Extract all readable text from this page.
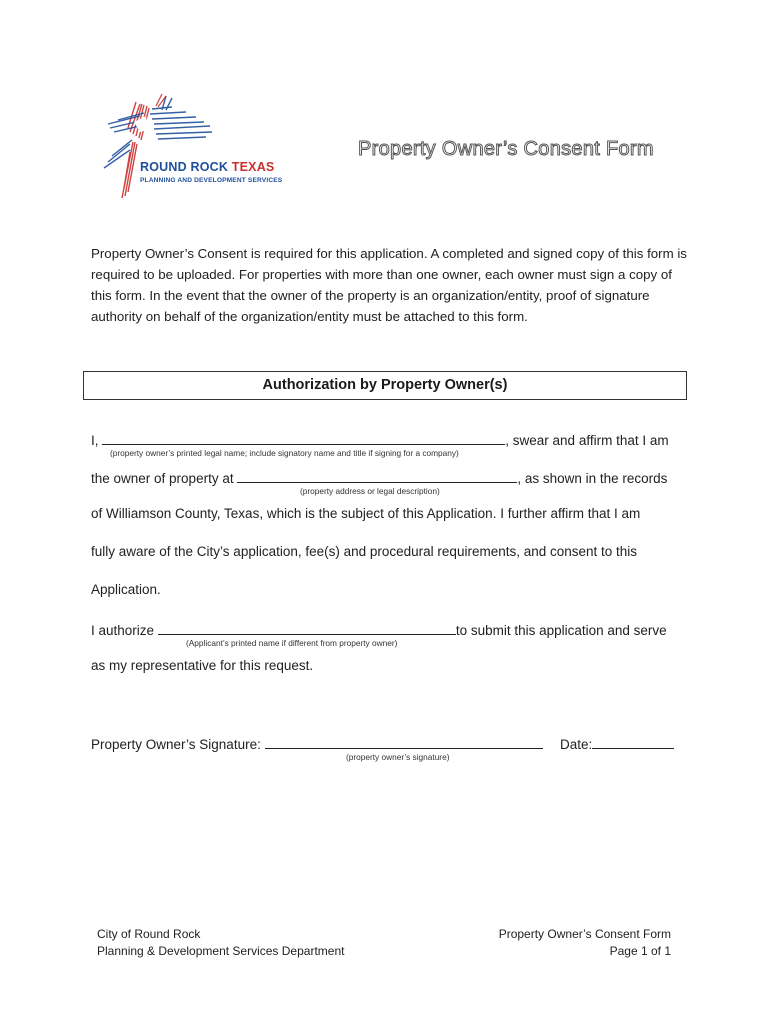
ROUND ROCK TEXAS
PLANNING AND DEVELOPMENT SERVICES
Property Owner’s Consent Form

Property Owner’s Consent is required for this application. A completed and signed copy of this form is required to be uploaded. For properties with more than one owner, each owner must sign a copy of this form. In the event that the owner of the property is an organization/entity, proof of signature authority on behalf of the organization/entity must be attached to this form.

Authorization by Property Owner(s)
I,	, swear and affirm that I am
(property owner’s printed legal name; include signatory name and title if signing for a company)
the owner of property at	, as shown in the records
(property address or legal description)
of Williamson County, Texas, which is the subject of this Application. I further affirm that I am
fully aware of the City’s application, fee(s) and procedural requirements, and consent to this
Application.
I authorize	to submit this application and serve
(Applicant’s printed name if different from property owner)
as my representative for this request.
Property Owner’s Signature:	Date:
(property owner’s signature)
City of Round Rock
Planning & Development Services Department
Property Owner’s Consent Form
Page 1 of 1
